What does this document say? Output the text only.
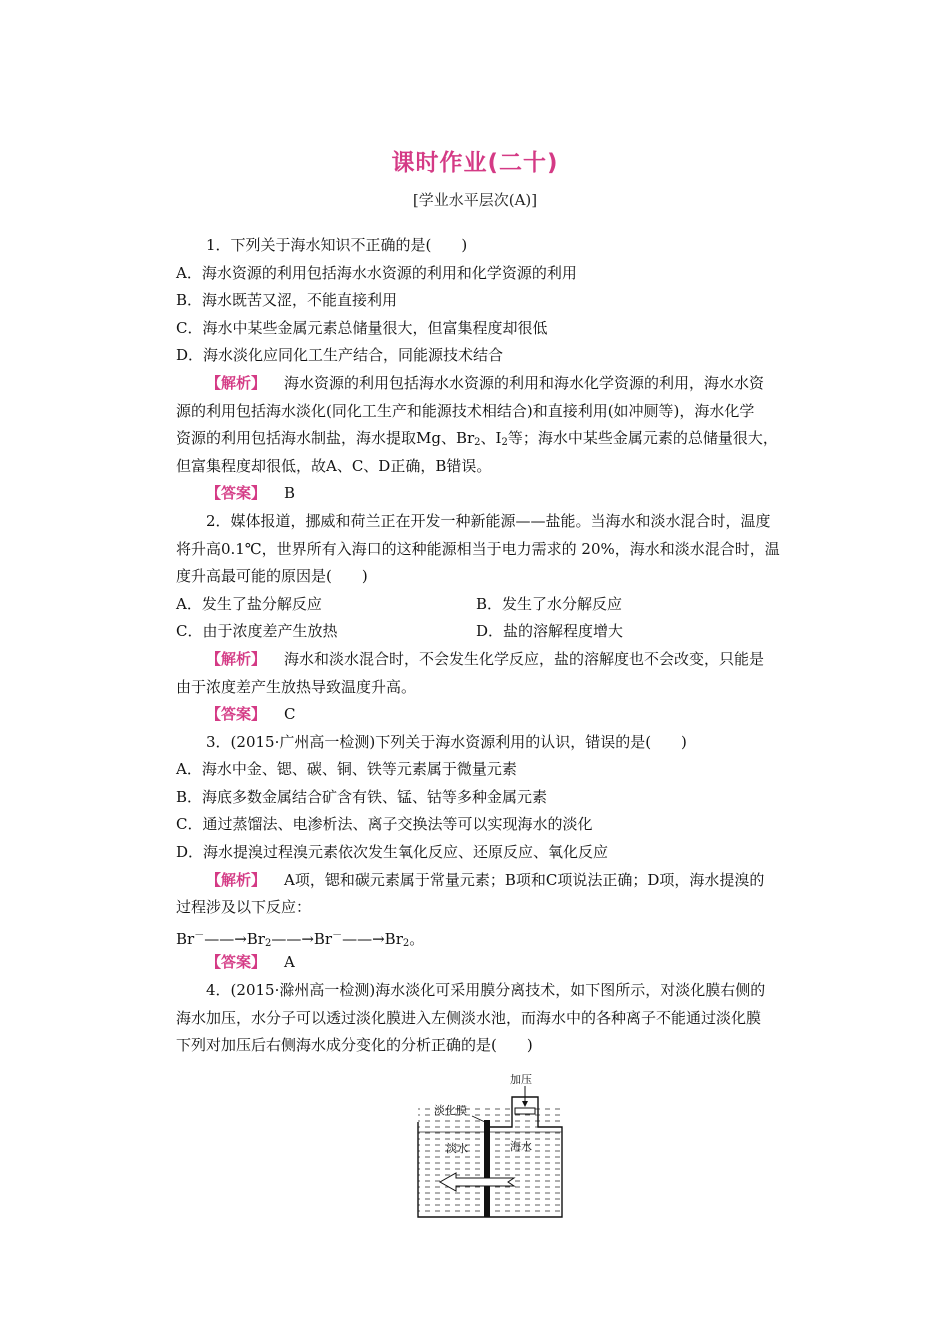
课时作业(二十)
[学业水平层次(A)]
1．下列关于海水知识不正确的是(　　)
A．海水资源的利用包括海水水资源的利用和化学资源的利用
B．海水既苦又涩，不能直接利用
C．海水中某些金属元素总储量很大，但富集程度却很低
D．海水淡化应同化工生产结合，同能源技术结合
【解析】 海水资源的利用包括海水水资源的利用和海水化学资源的利用，海水水资
源的利用包括海水淡化(同化工生产和能源技术相结合)和直接利用(如冲厕等)，海水化学
资源的利用包括海水制盐，海水提取Mg、$Br_2$、$I_2$等；海水中某些金属元素的总储量很大，
但富集程度却很低，故A、C、D正确，B错误。
【答案】 B
2．媒体报道，挪威和荷兰正在开发一种新能源——盐能。当海水和淡水混合时，温度
将升高0.1℃，世界所有入海口的这种能源相当于电力需求的 20%，海水和淡水混合时，温
度升高最可能的原因是(　　)
A．发生了盐分解反应	B．发生了水分解反应
C．由于浓度差产生放热	D．盐的溶解程度增大
【解析】 海水和淡水混合时，不会发生化学反应，盐的溶解度也不会改变，只能是
由于浓度差产生放热导致温度升高。
【答案】 C
3．(2015·广州高一检测)下列关于海水资源利用的认识，错误的是(　　)
A．海水中金、锶、碳、铜、铁等元素属于微量元素
B．海底多数金属结合矿含有铁、锰、钴等多种金属元素
C．通过蒸馏法、电渗析法、离子交换法等可以实现海水的淡化
D．海水提溴过程溴元素依次发生氧化反应、还原反应、氧化反应
【解析】 A项，锶和碳元素属于常量元素；B项和C项说法正确；D项，海水提溴的
过程涉及以下反应：
$Br^-——\to Br_2——\to Br^-——\to Br_2$。
【答案】 A
4．(2015·滁州高一检测)海水淡化可采用膜分离技术，如下图所示，对淡化膜右侧的
海水加压，水分子可以透过淡化膜进入左侧淡水池，而海水中的各种离子不能通过淡化膜
下列对加压后右侧海水成分变化的分析正确的是(　　)
加压
淡化膜
淡水	海水
